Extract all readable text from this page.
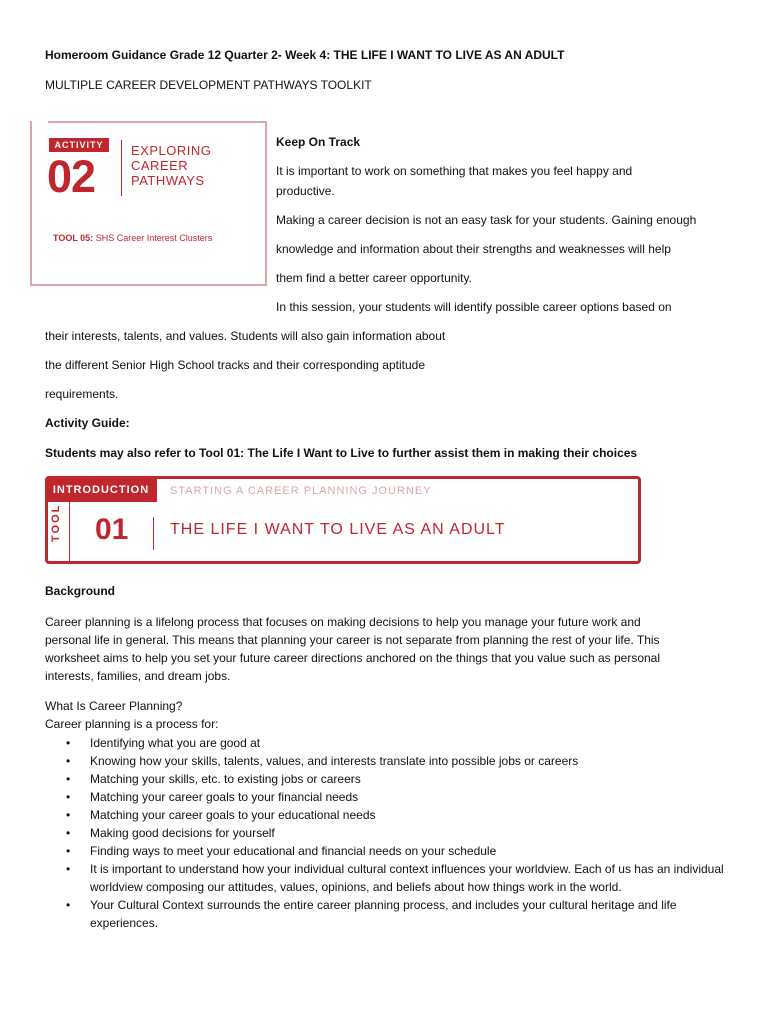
Homeroom Guidance Grade 12 Quarter 2- Week 4: THE LIFE I WANT TO LIVE AS AN ADULT
MULTIPLE CAREER DEVELOPMENT PATHWAYS TOOLKIT
ACTIVITY
02
EXPLORING
CAREER
PATHWAYS
TOOL 05: SHS Career Interest Clusters
Keep On Track
It is important to work on something that makes you feel happy and
productive.
Making a career decision is not an easy task for your students. Gaining enough
knowledge and information about their strengths and weaknesses will help
them find a better career opportunity.
In this session, your students will identify possible career options based on
their interests, talents, and values. Students will also gain information about
the different Senior High School tracks and their corresponding aptitude
requirements.
Activity Guide:
Students may also refer to Tool 01: The Life I Want to Live to further assist them in making their choices
INTRODUCTION	STARTING A CAREER PLANNING JOURNEY
TOOL 01	THE LIFE I WANT TO LIVE AS AN ADULT
Background
Career planning is a lifelong process that focuses on making decisions to help you manage your future work and
personal life in general. This means that planning your career is not separate from planning the rest of your life. This
worksheet aims to help you set your future career directions anchored on the things that you value such as personal
interests, families, and dream jobs.
What Is Career Planning?
Career planning is a process for:
• Identifying what you are good at
• Knowing how your skills, talents, values, and interests translate into possible jobs or careers
• Matching your skills, etc. to existing jobs or careers
• Matching your career goals to your financial needs
• Matching your career goals to your educational needs
• Making good decisions for yourself
• Finding ways to meet your educational and financial needs on your schedule
• It is important to understand how your individual cultural context influences your worldview. Each of us has an individual worldview composing our attitudes, values, opinions, and beliefs about how things work in the world.
• Your Cultural Context surrounds the entire career planning process, and includes your cultural heritage and life experiences.
